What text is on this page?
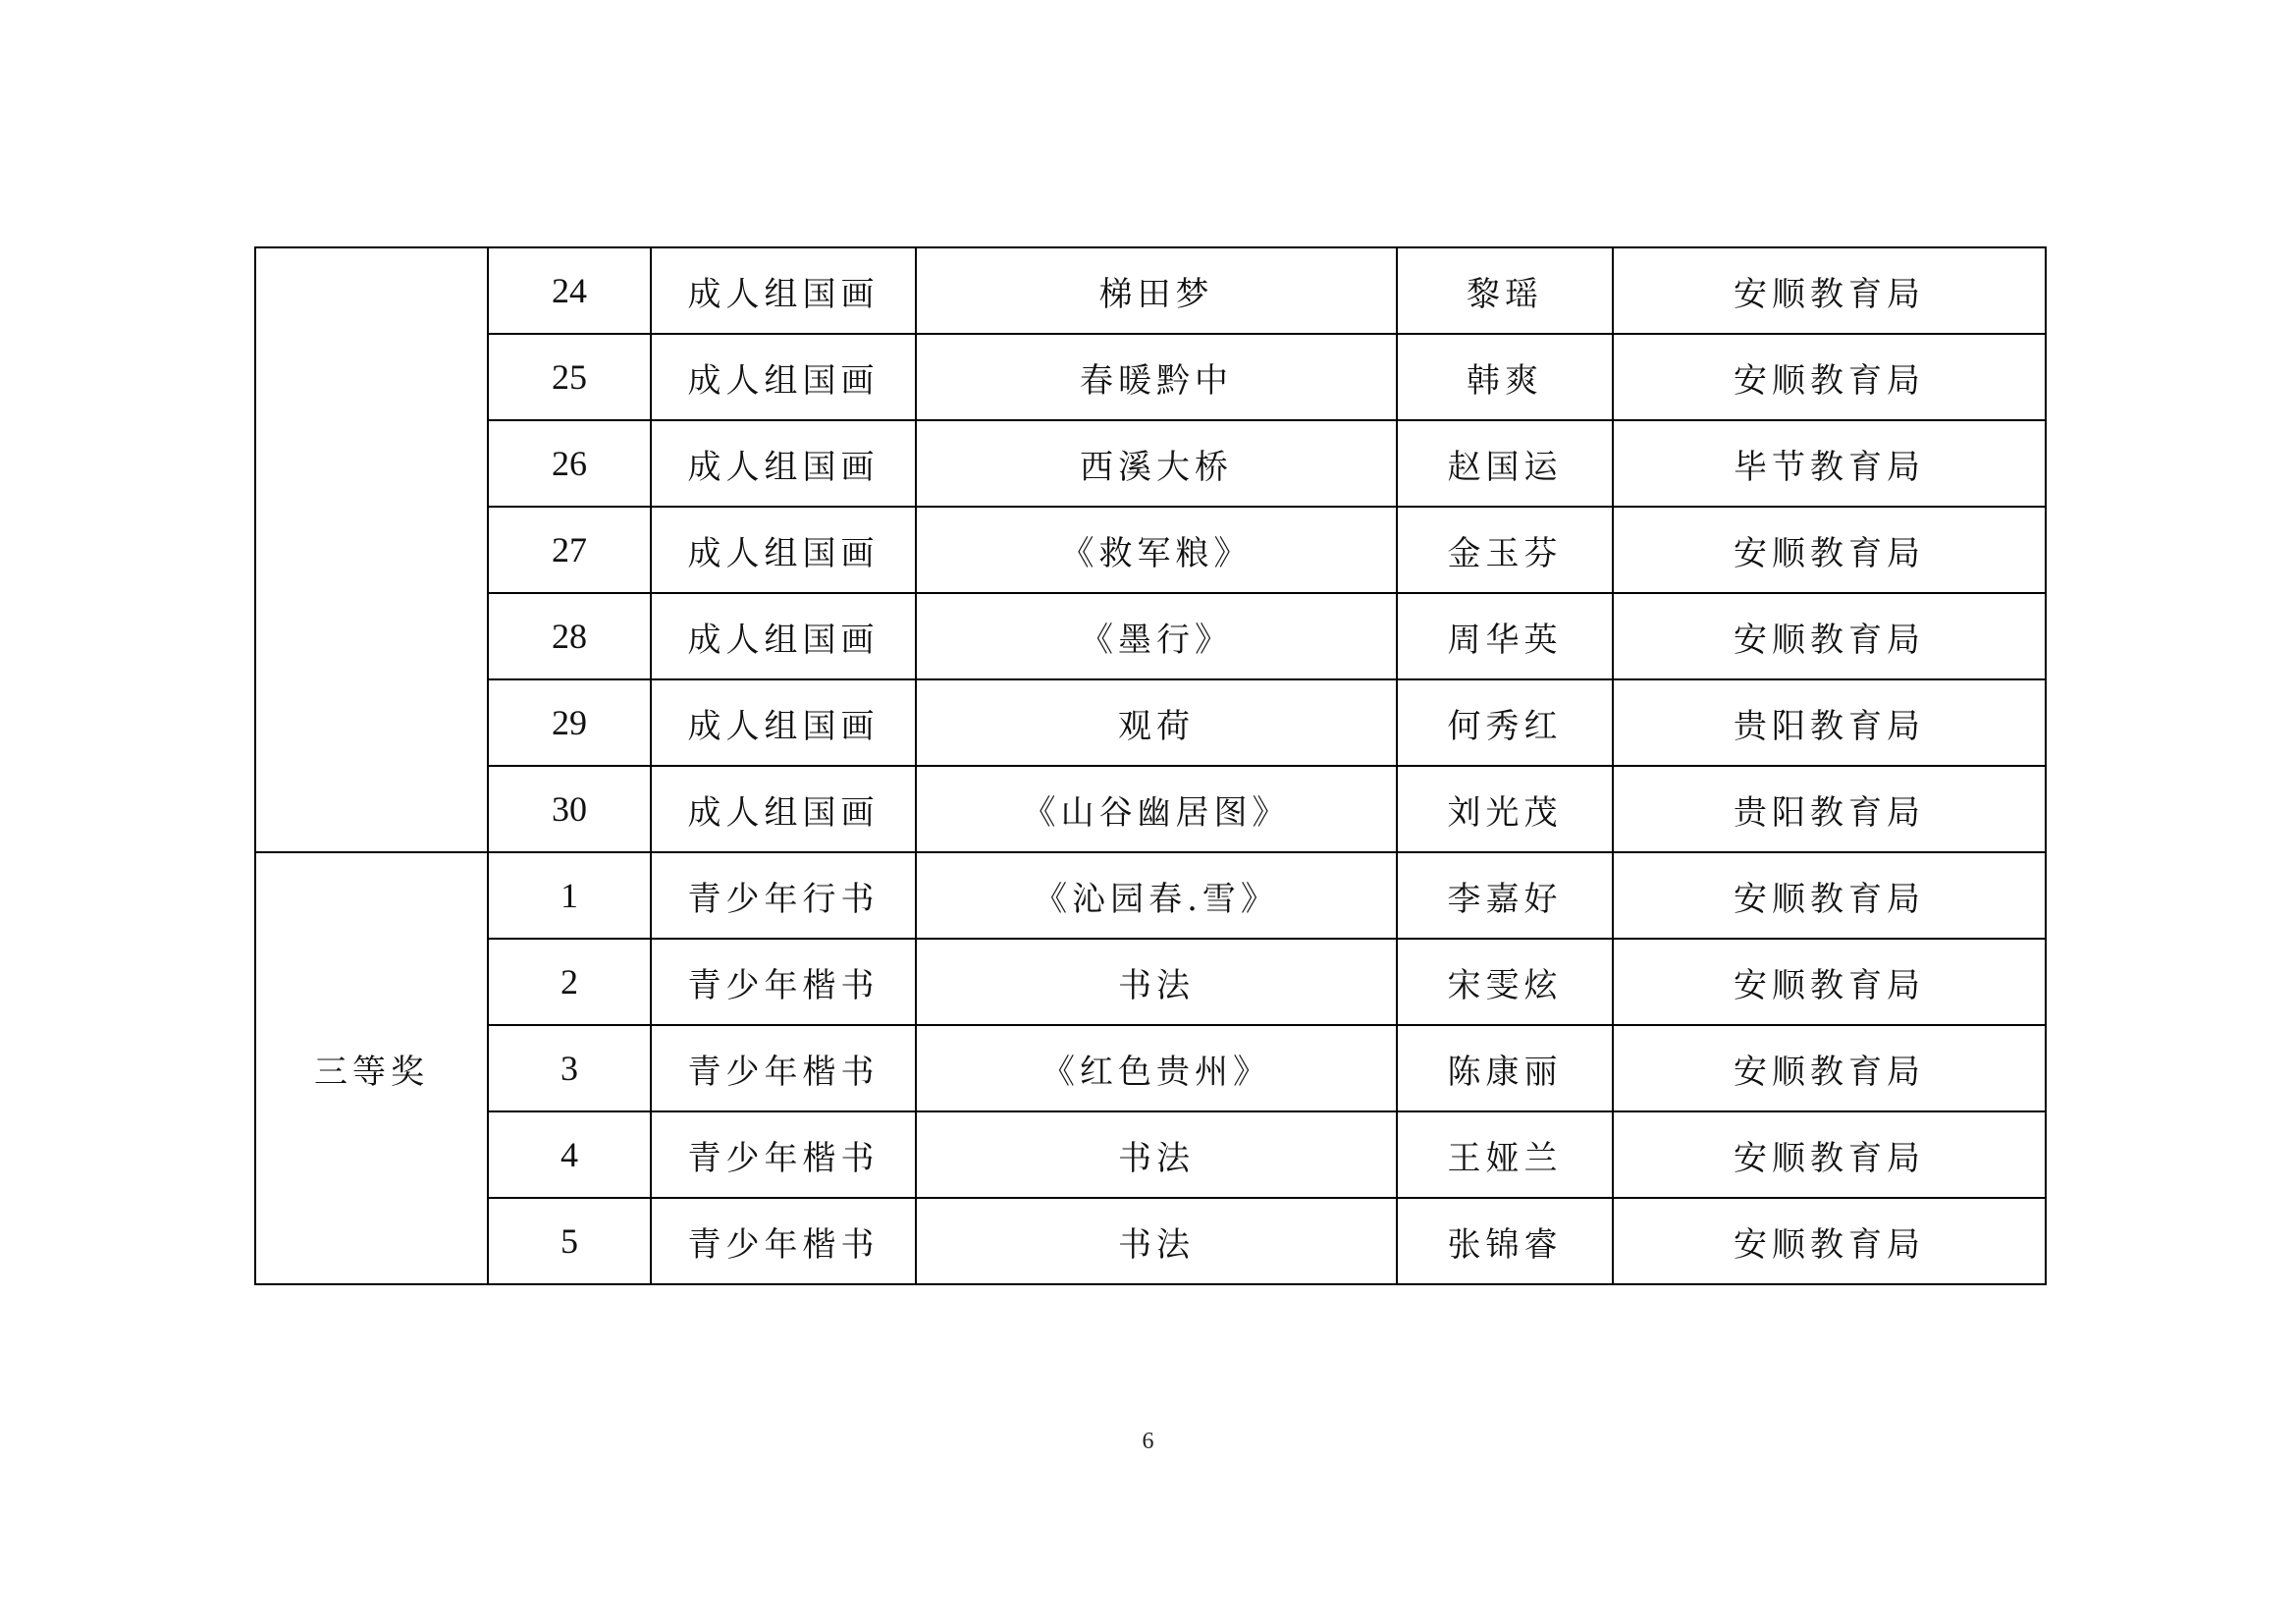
	24	成人组国画	梯田梦	黎瑶	安顺教育局
	25	成人组国画	春暖黔中	韩爽	安顺教育局
	26	成人组国画	西溪大桥	赵国运	毕节教育局
	27	成人组国画	《救军粮》	金玉芬	安顺教育局
	28	成人组国画	《墨行》	周华英	安顺教育局
	29	成人组国画	观荷	何秀红	贵阳教育局
	30	成人组国画	《山谷幽居图》	刘光茂	贵阳教育局
三等奖	1	青少年行书	《沁园春.雪》	李嘉好	安顺教育局
	2	青少年楷书	书法	宋雯炫	安顺教育局
	3	青少年楷书	《红色贵州》	陈康丽	安顺教育局
	4	青少年楷书	书法	王娅兰	安顺教育局
	5	青少年楷书	书法	张锦睿	安顺教育局
6
